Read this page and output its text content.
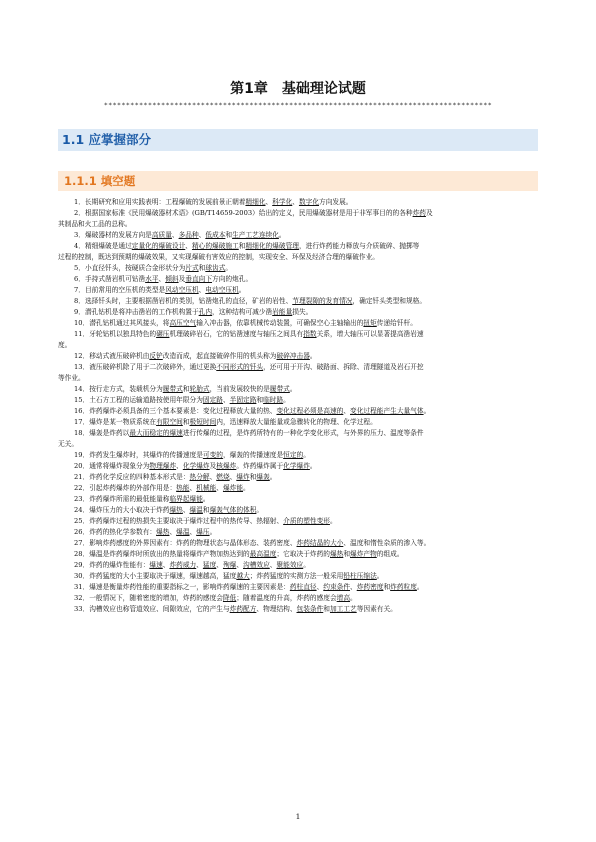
第1章　基础理论试题
****************************************************************************************
1.1 应掌握部分
1.1.1 填空题
1．长期研究和应用实践表明：工程爆破的发展前景正朝着精细化、科学化、数字化方向发展。
2．根据国家标准《民用爆破器材术语》(GB/T14659-2003）给出的定义，民用爆破器材是用于非军事目的的各种炸药及
其制品和火工品的总称。
3．爆破器材的发展方向是高质量、多品种、低成本和生产工艺连续化。
4．精细爆破是通过定量化的爆破设计、精心的爆破施工和精细化的爆破管理，进行炸药能力释放与介质破碎、抛掷等
过程的控制，既达到预期的爆破效果，又实现爆破有害效应的控制，实现安全、环保及经济合理的爆破作业。
5．小直径钎头，按硬质合金形状分为片式和球齿式。
6．手持式凿岩机可钻凿水平、倾斜及垂直向下方向的炮孔。
7．目前常用的空压机的类型是风动空压机、电动空压机。
8．选择钎头时，主要根据凿岩机的类别，钻凿炮孔的直径，矿岩的岩性、节理裂隙的发育情况，确定钎头类型和规格。
9．潜孔钻机是将冲击凿岩的工作机构置于孔内，这种结构可减少凿岩能量损失。
10．潜孔钻机通过其风接头，将高压空气输入冲击器，依靠机械传动装置，可确保空心主轴输出的扭矩传递给钎杆。
11．牙轮钻机以独具特色的碾压机理破碎岩石，它的钻凿速度与轴压之间具有指数关系，增大轴压可以显著提高凿岩速
度。
12．移动式液压破碎机由反铲改造而成，起直接破碎作用的机头称为破碎冲击器。
13．液压破碎机除了用于二次破碎外，通过更换不同形式的钎头，还可用于开沟、破路面、拆除、清理隧道及岩石开挖
等作业。
14．按行走方式，装载机分为履带式和轮胎式，当前发展较快的是履带式。
15．土石方工程的运输道路按使用年限分为固定路、半固定路和临时路。
16．炸药爆炸必须具备的三个基本要素是：变化过程释放大量的热、变化过程必须是高速的、变化过程能产生大量气体。
17．爆炸是某一物质系统在有限空间和极短时间内，迅速释放大量能量或急骤转化的物理、化学过程。
18．爆轰是炸药以最大而稳定的爆速进行传爆的过程，是炸药所特有的一种化学变化形式，与外界的压力、温度等条件
无关。
19．炸药发生爆炸时，其爆炸的传播速度是可变的，爆轰的传播速度是恒定的。
20．通常将爆炸现象分为物理爆炸、化学爆炸及核爆炸。炸药爆炸属于化学爆炸。
21．炸药化学反应的四种基本形式是：热分解、燃烧、爆炸和爆轰。
22．引起炸药爆炸的外部作用是：热能、机械能、爆炸能。
23．炸药爆炸所需的最低能量称临界起爆能。
24．爆炸压力的大小取决于炸药爆热、爆温和爆轰气体的体积。
25．炸药爆炸过程的热损失主要取决于爆炸过程中的热传导、热辐射、介质的塑性变形。
26．炸药的热化学参数有：爆热、爆温、爆压。
27．影响炸药感度的外界因素有：炸药的物理状态与晶体形态、装药密度、炸药结晶的大小、温度和惰性杂质的渗入等。
28．爆温是炸药爆炸时所放出的热量将爆炸产物加热达到的最高温度；它取决于炸药的爆热和爆炸产物的组成。
29．炸药的爆炸性能有：爆速、炸药威力、猛度、殉爆、沟槽效应、聚能效应。
30．炸药猛度的大小主要取决于爆速，爆速越高，猛度越大；炸药猛度的实测方法一般采用铅柱压缩法。
31．爆速是衡量炸药性能的重要指标之一，影响炸药爆速的主要因素是：药柱直径、约束条件、炸药密度和炸药粒度。
32．一般情况下，随着密度的增加，炸药的感度会降低；随着温度的升高，炸药的感度会增高。
33．沟槽效应也称管道效应、间隙效应，它的产生与炸药配方、物理结构、包装条件和加工工艺等因素有关。
1
